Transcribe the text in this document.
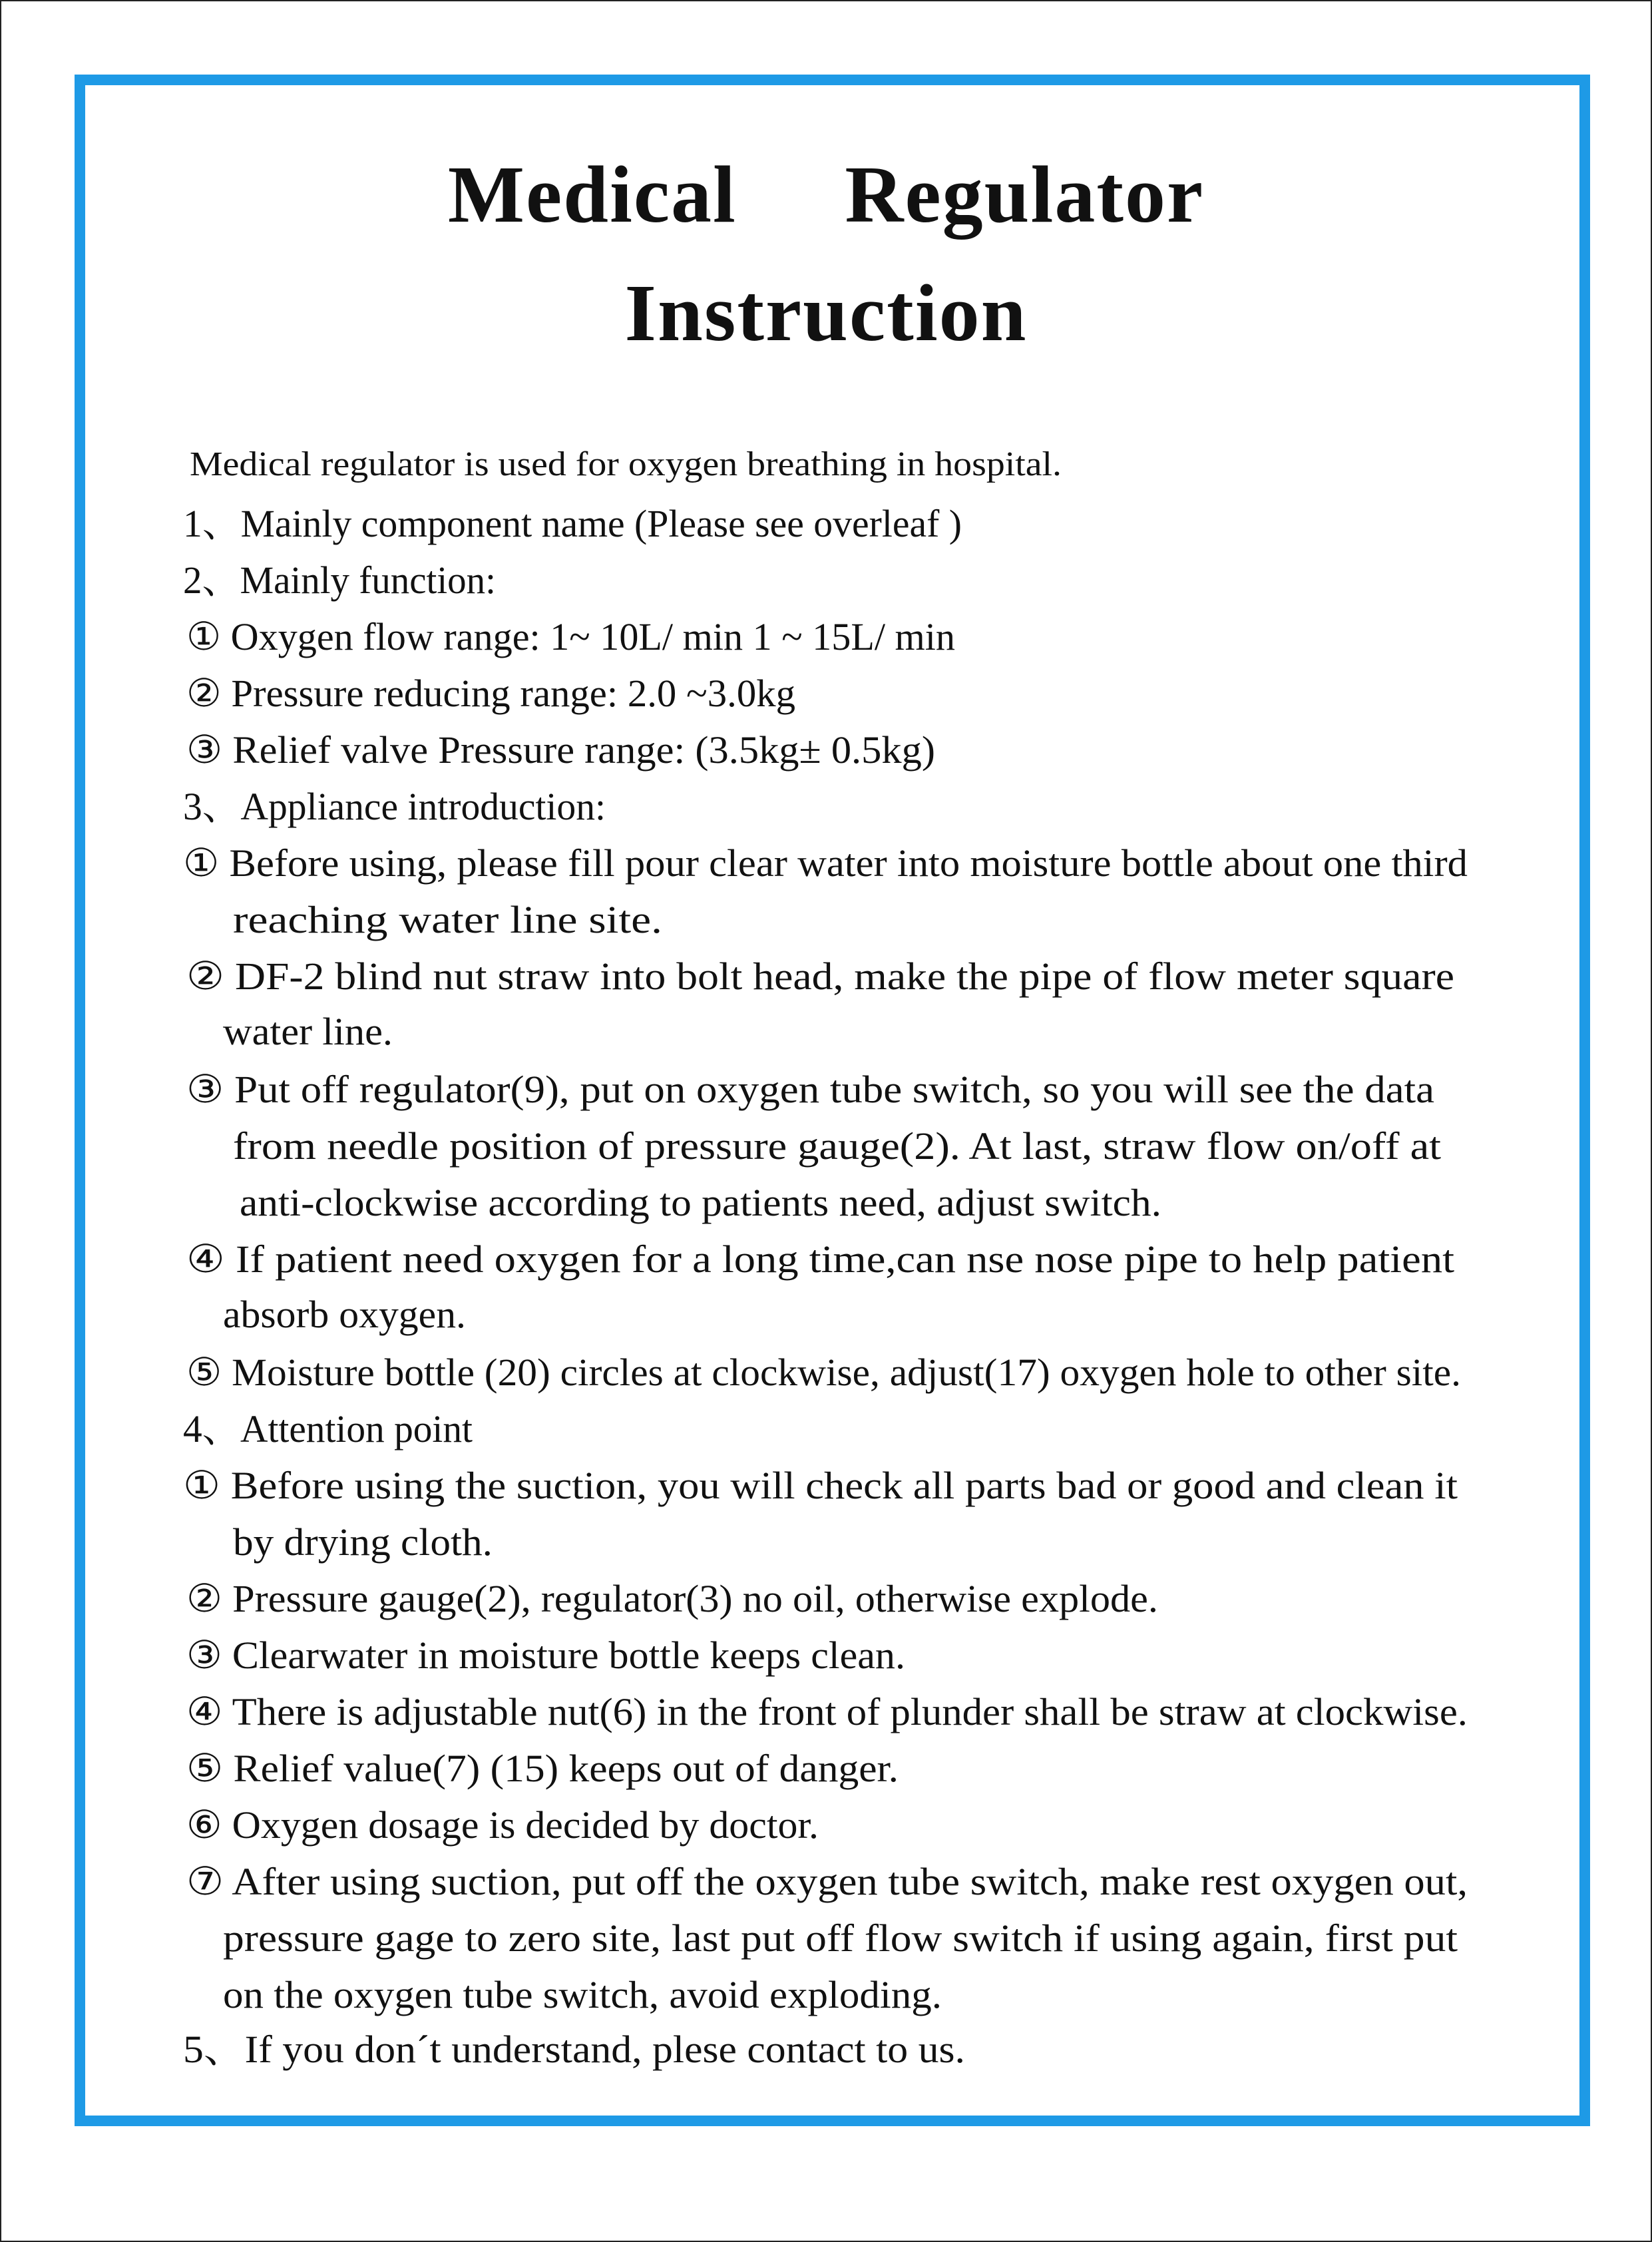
Medical Regulator
Instruction
Medical regulator is used for oxygen breathing in hospital.
1、Mainly component name (Please see overleaf )
2、Mainly function:
① Oxygen flow range: 1~ 10L/ min 1 ~ 15L/ min
② Pressure reducing range: 2.0 ~3.0kg
③ Relief valve Pressure range: (3.5kg± 0.5kg)
3、Appliance introduction:
① Before using, please fill pour clear water into moisture bottle about one third
reaching water line site.
② DF-2 blind nut straw into bolt head, make the pipe of flow meter square
water line.
③ Put off regulator(9), put on oxygen tube switch, so you will see the data
from needle position of pressure gauge(2). At last, straw flow on/off at
anti-clockwise according to patients need, adjust switch.
④ If patient need oxygen for a long time,can nse nose pipe to help patient
absorb oxygen.
⑤ Moisture bottle (20) circles at clockwise, adjust(17) oxygen hole to other site.
4、Attention point
① Before using the suction, you will check all parts bad or good and clean it
by drying cloth.
② Pressure gauge(2), regulator(3) no oil, otherwise explode.
③ Clearwater in moisture bottle keeps clean.
④ There is adjustable nut(6) in the front of plunder shall be straw at clockwise.
⑤ Relief value(7) (15) keeps out of danger.
⑥ Oxygen dosage is decided by doctor.
⑦ After using suction, put off the oxygen tube switch, make rest oxygen out,
pressure gage to zero site, last put off flow switch if using again, first put
on the oxygen tube switch, avoid exploding.
5、If you don´t understand, plese contact to us.
